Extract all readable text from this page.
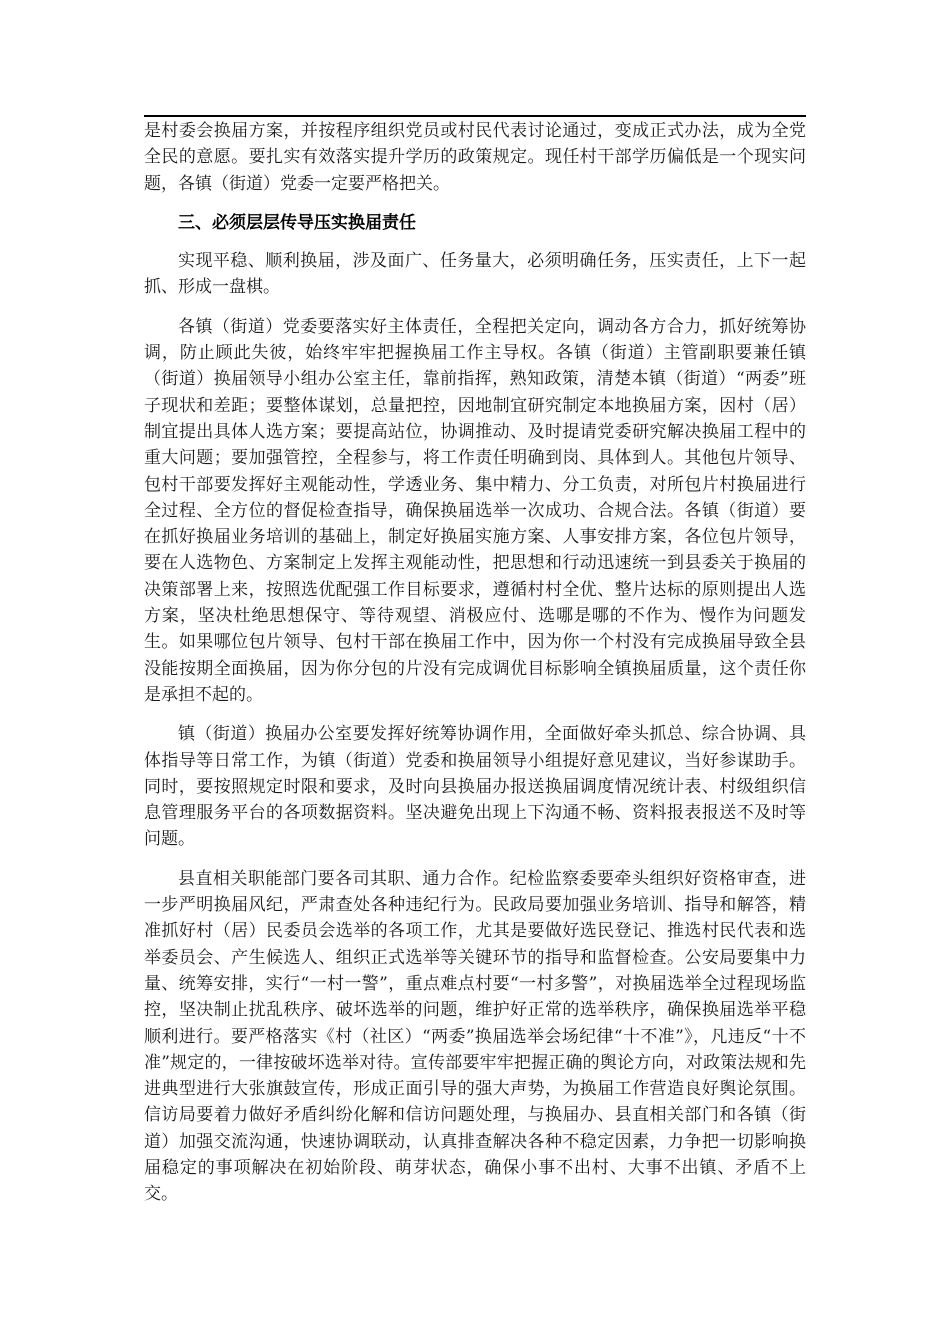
是村委会换届方案，并按程序组织党员或村民代表讨论通过，变成正式办法，成为全党全民的意愿。要扎实有效落实提升学历的政策规定。现任村干部学历偏低是一个现实问题，各镇（街道）党委一定要严格把关。

三、必须层层传导压实换届责任

实现平稳、顺利换届，涉及面广、任务量大，必须明确任务，压实责任，上下一起抓、形成一盘棋。

各镇（街道）党委要落实好主体责任，全程把关定向，调动各方合力，抓好统筹协调，防止顾此失彼，始终牢牢把握换届工作主导权。各镇（街道）主管副职要兼任镇（街道）换届领导小组办公室主任，靠前指挥，熟知政策，清楚本镇（街道）“两委”班子现状和差距；要整体谋划，总量把控，因地制宜研究制定本地换届方案，因村（居）制宜提出具体人选方案；要提高站位，协调推动、及时提请党委研究解决换届工程中的重大问题；要加强管控，全程参与，将工作责任明确到岗、具体到人。其他包片领导、包村干部要发挥好主观能动性，学透业务、集中精力、分工负责，对所包片村换届进行全过程、全方位的督促检查指导，确保换届选举一次成功、合规合法。各镇（街道）要在抓好换届业务培训的基础上，制定好换届实施方案、人事安排方案，各位包片领导，要在人选物色、方案制定上发挥主观能动性，把思想和行动迅速统一到县委关于换届的决策部署上来，按照选优配强工作目标要求，遵循村村全优、整片达标的原则提出人选方案，坚决杜绝思想保守、等待观望、消极应付、选哪是哪的不作为、慢作为问题发生。如果哪位包片领导、包村干部在换届工作中，因为你一个村没有完成换届导致全县没能按期全面换届，因为你分包的片没有完成调优目标影响全镇换届质量，这个责任你是承担不起的。

镇（街道）换届办公室要发挥好统筹协调作用，全面做好牵头抓总、综合协调、具体指导等日常工作，为镇（街道）党委和换届领导小组提好意见建议，当好参谋助手。同时，要按照规定时限和要求，及时向县换届办报送换届调度情况统计表、村级组织信息管理服务平台的各项数据资料。坚决避免出现上下沟通不畅、资料报表报送不及时等问题。

县直相关职能部门要各司其职、通力合作。纪检监察委要牵头组织好资格审查，进一步严明换届风纪，严肃查处各种违纪行为。民政局要加强业务培训、指导和解答，精准抓好村（居）民委员会选举的各项工作，尤其是要做好选民登记、推选村民代表和选举委员会、产生候选人、组织正式选举等关键环节的指导和监督检查。公安局要集中力量、统筹安排，实行“一村一警”，重点难点村要“一村多警”，对换届选举全过程现场监控，坚决制止扰乱秩序、破坏选举的问题，维护好正常的选举秩序，确保换届选举平稳顺利进行。要严格落实《村（社区）“两委”换届选举会场纪律“十不准”》，凡违反“十不准”规定的，一律按破坏选举对待。宣传部要牢牢把握正确的舆论方向，对政策法规和先进典型进行大张旗鼓宣传，形成正面引导的强大声势，为换届工作营造良好舆论氛围。信访局要着力做好矛盾纠纷化解和信访问题处理，与换届办、县直相关部门和各镇（街道）加强交流沟通，快速协调联动，认真排查解决各种不稳定因素，力争把一切影响换届稳定的事项解决在初始阶段、萌芽状态，确保小事不出村、大事不出镇、矛盾不上交。
